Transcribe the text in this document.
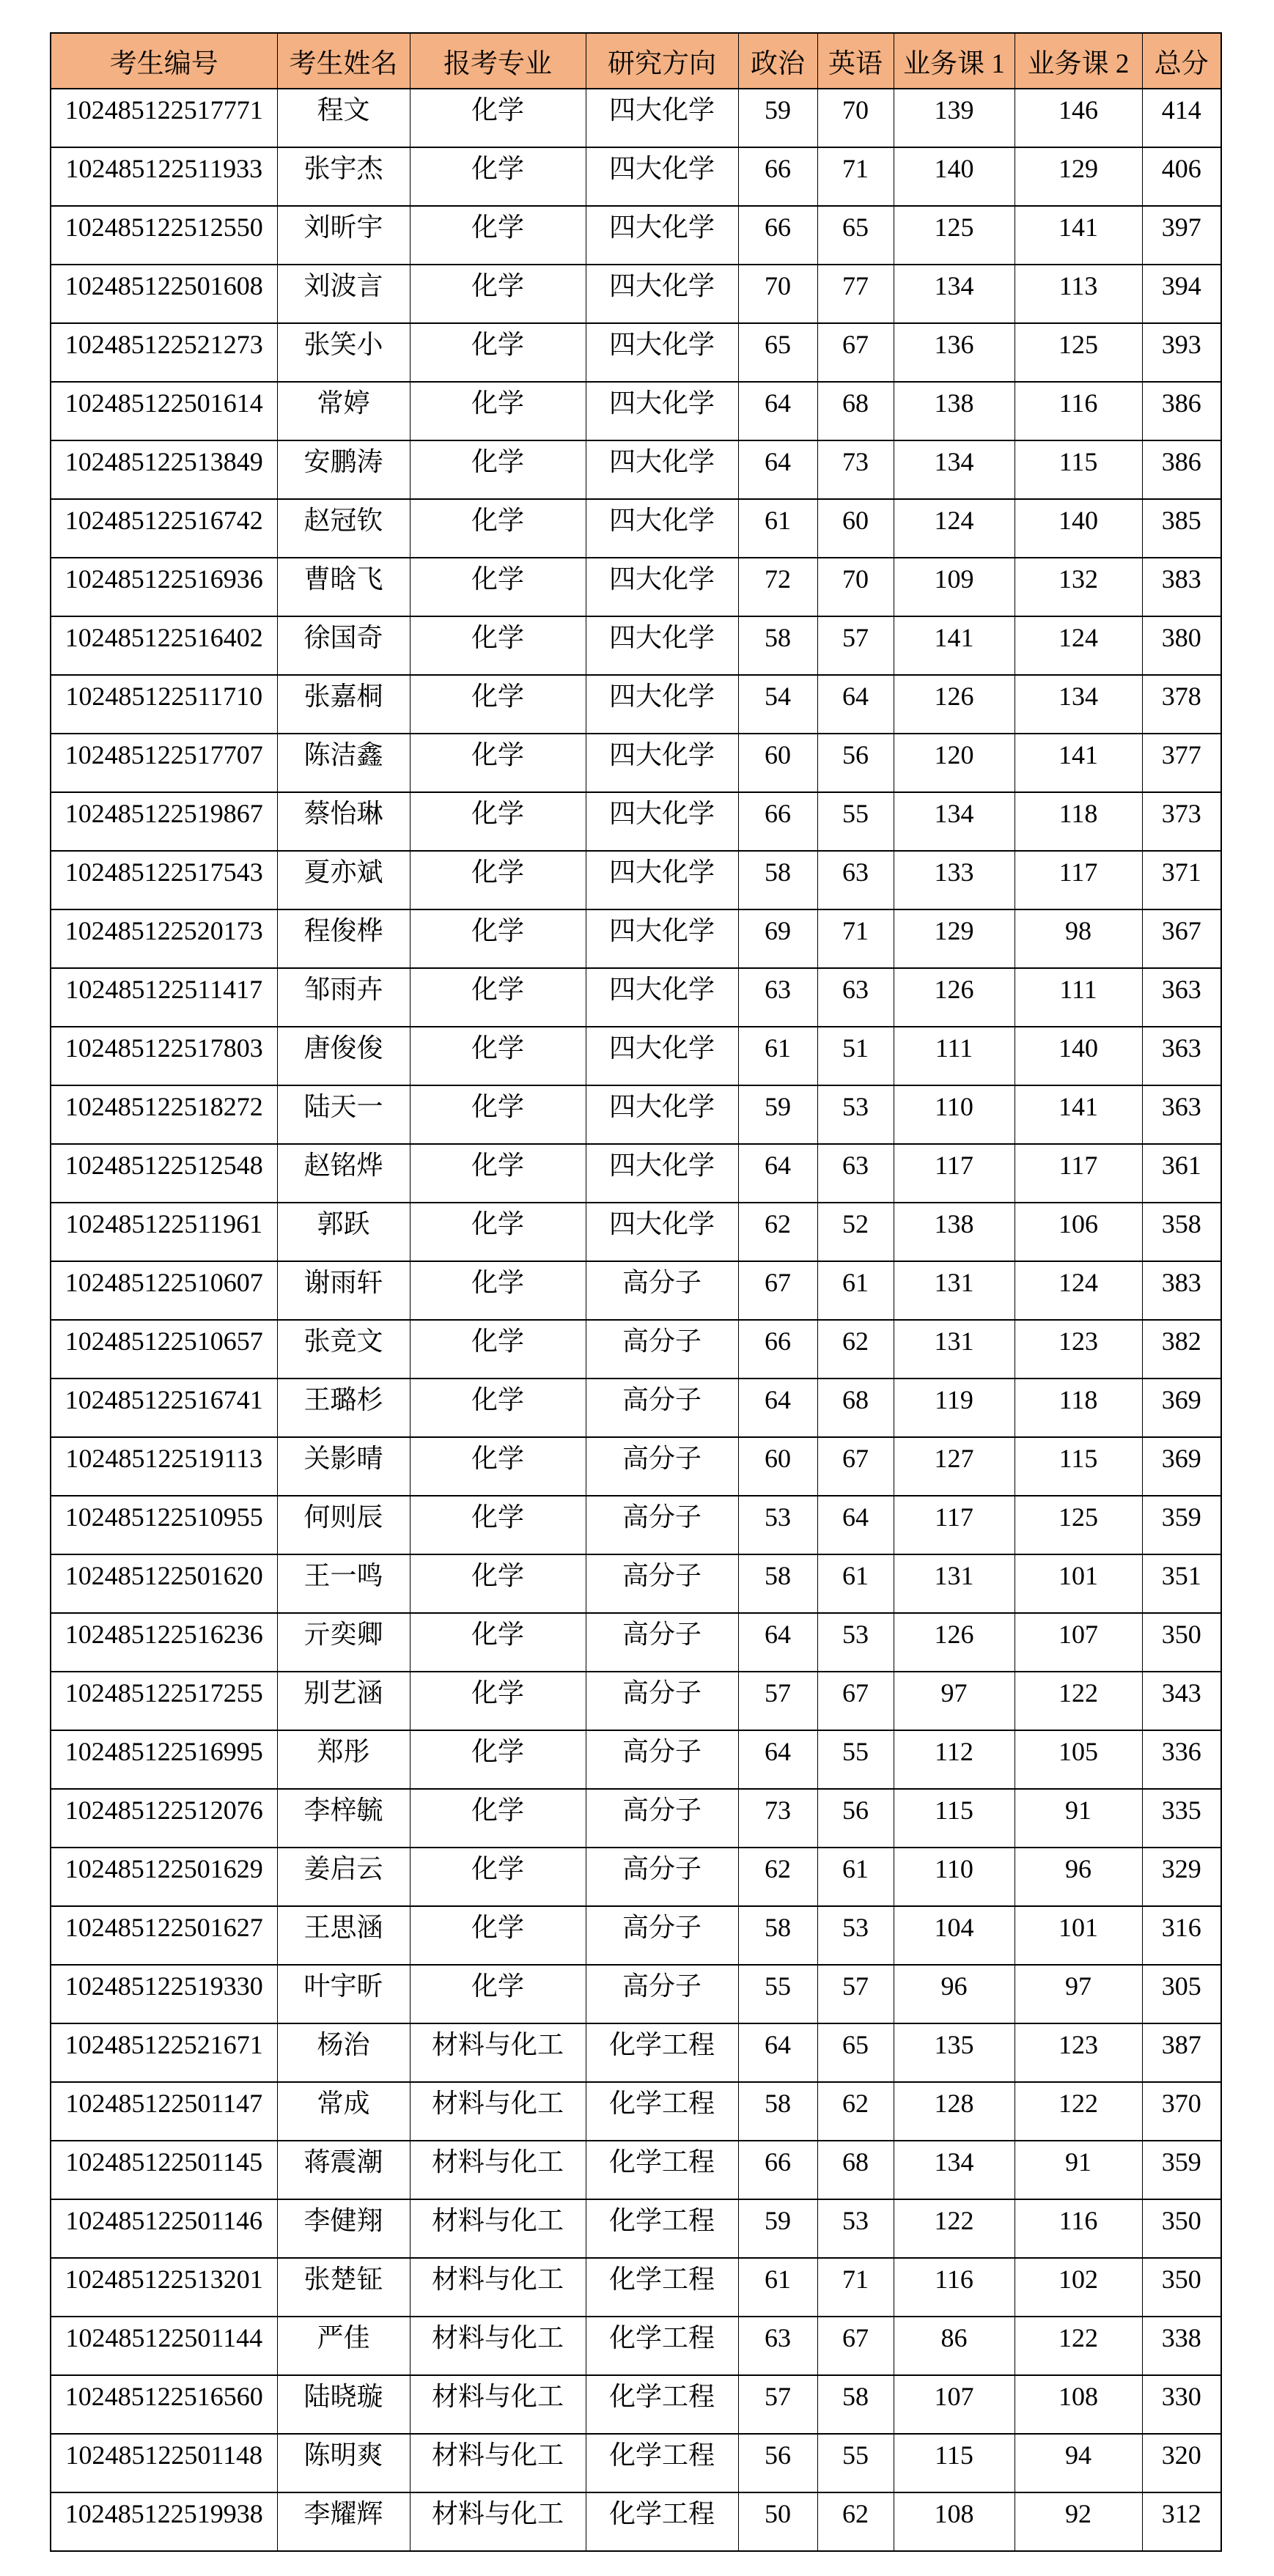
考生编号	考生姓名	报考专业	研究方向	政治	英语	业务课 1	业务课 2	总分
102485122517771	程文	化学	四大化学	59	70	139	146	414
102485122511933	张宇杰	化学	四大化学	66	71	140	129	406
102485122512550	刘昕宇	化学	四大化学	66	65	125	141	397
102485122501608	刘波言	化学	四大化学	70	77	134	113	394
102485122521273	张笑小	化学	四大化学	65	67	136	125	393
102485122501614	常婷	化学	四大化学	64	68	138	116	386
102485122513849	安鹏涛	化学	四大化学	64	73	134	115	386
102485122516742	赵冠钦	化学	四大化学	61	60	124	140	385
102485122516936	曹晗飞	化学	四大化学	72	70	109	132	383
102485122516402	徐国奇	化学	四大化学	58	57	141	124	380
102485122511710	张嘉桐	化学	四大化学	54	64	126	134	378
102485122517707	陈洁鑫	化学	四大化学	60	56	120	141	377
102485122519867	蔡怡琳	化学	四大化学	66	55	134	118	373
102485122517543	夏亦斌	化学	四大化学	58	63	133	117	371
102485122520173	程俊桦	化学	四大化学	69	71	129	98	367
102485122511417	邹雨卉	化学	四大化学	63	63	126	111	363
102485122517803	唐俊俊	化学	四大化学	61	51	111	140	363
102485122518272	陆天一	化学	四大化学	59	53	110	141	363
102485122512548	赵铭烨	化学	四大化学	64	63	117	117	361
102485122511961	郭跃	化学	四大化学	62	52	138	106	358
102485122510607	谢雨轩	化学	高分子	67	61	131	124	383
102485122510657	张竞文	化学	高分子	66	62	131	123	382
102485122516741	王璐杉	化学	高分子	64	68	119	118	369
102485122519113	关影晴	化学	高分子	60	67	127	115	369
102485122510955	何则辰	化学	高分子	53	64	117	125	359
102485122501620	王一鸣	化学	高分子	58	61	131	101	351
102485122516236	亓奕卿	化学	高分子	64	53	126	107	350
102485122517255	别艺涵	化学	高分子	57	67	97	122	343
102485122516995	郑彤	化学	高分子	64	55	112	105	336
102485122512076	李梓毓	化学	高分子	73	56	115	91	335
102485122501629	姜启云	化学	高分子	62	61	110	96	329
102485122501627	王思涵	化学	高分子	58	53	104	101	316
102485122519330	叶宇昕	化学	高分子	55	57	96	97	305
102485122521671	杨治	材料与化工	化学工程	64	65	135	123	387
102485122501147	常成	材料与化工	化学工程	58	62	128	122	370
102485122501145	蒋震潮	材料与化工	化学工程	66	68	134	91	359
102485122501146	李健翔	材料与化工	化学工程	59	53	122	116	350
102485122513201	张楚钲	材料与化工	化学工程	61	71	116	102	350
102485122501144	严佳	材料与化工	化学工程	63	67	86	122	338
102485122516560	陆晓璇	材料与化工	化学工程	57	58	107	108	330
102485122501148	陈明爽	材料与化工	化学工程	56	55	115	94	320
102485122519938	李耀辉	材料与化工	化学工程	50	62	108	92	312
